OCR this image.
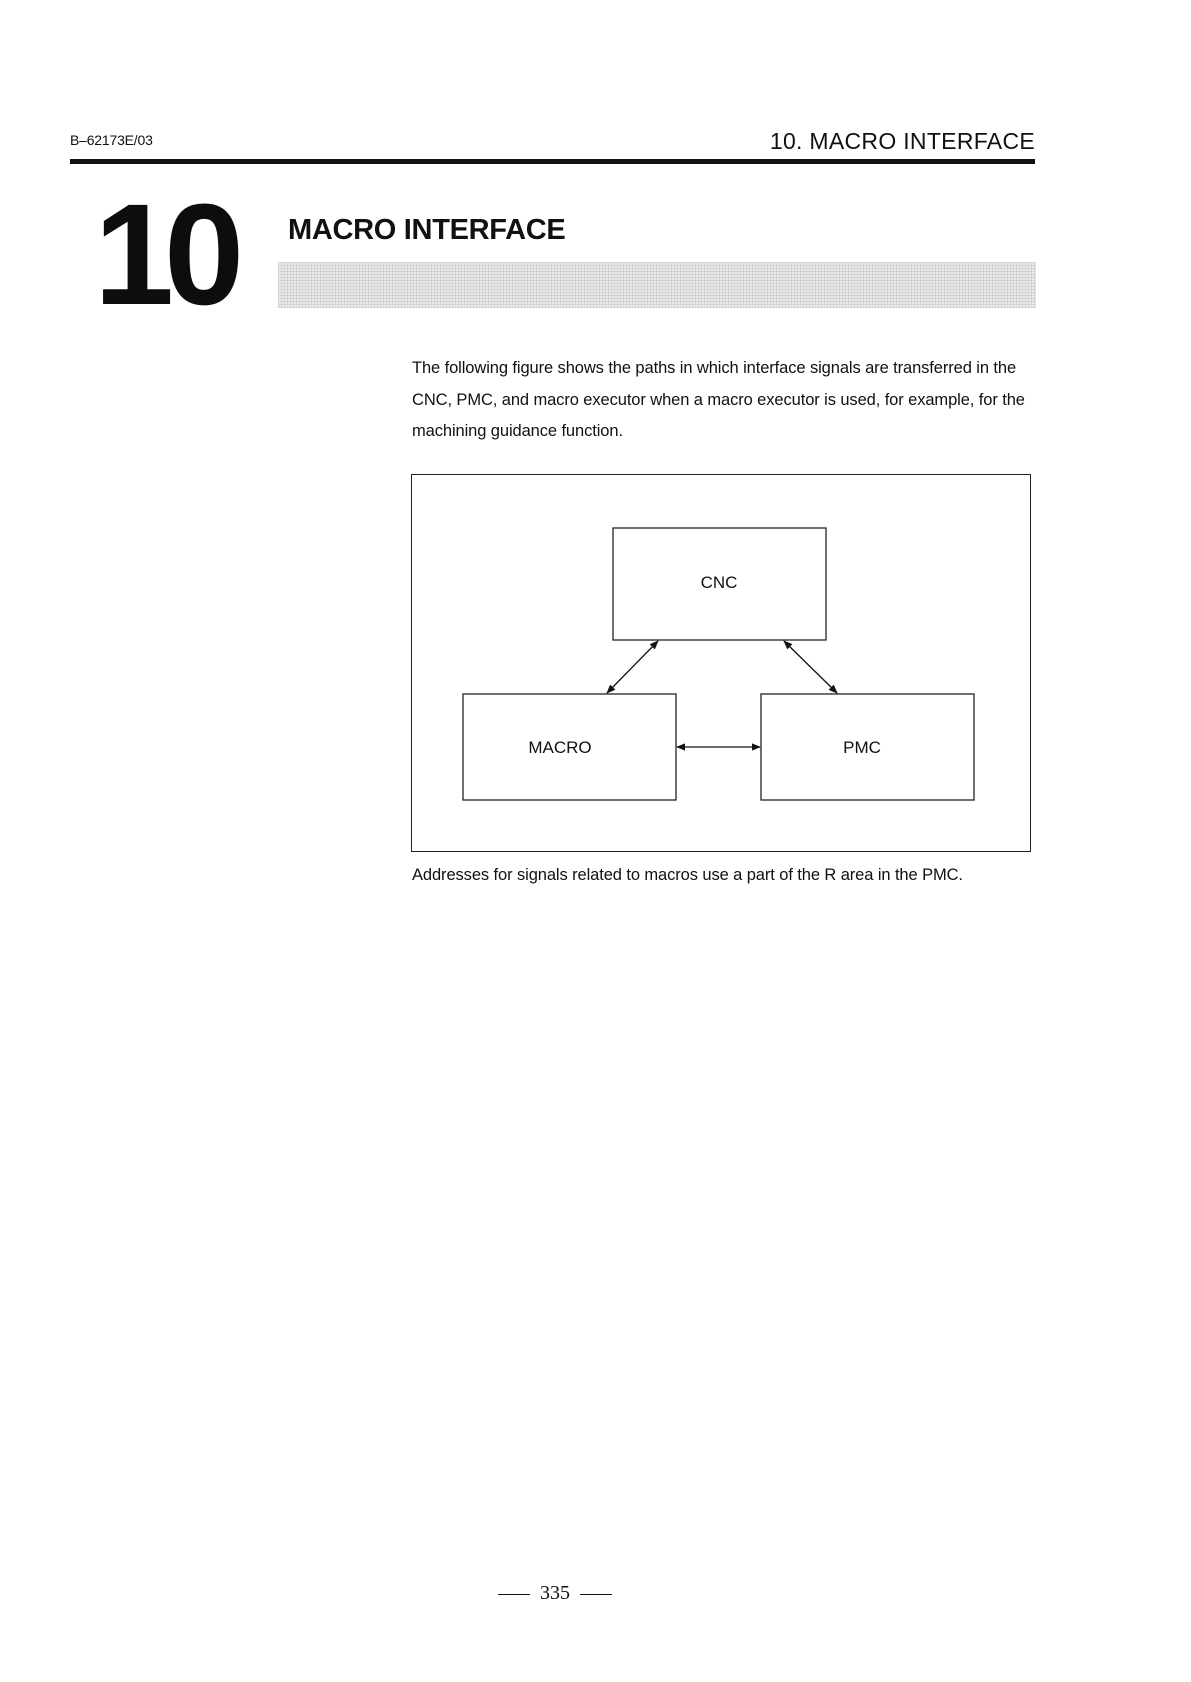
B–62173E/03	10. MACRO INTERFACE
10 MACRO INTERFACE

The following figure shows the paths in which interface signals are transferred in the CNC, PMC, and macro executor when a macro executor is used, for example, for the machining guidance function.

CNC
MACRO	PMC

Addresses for signals related to macros use a part of the R area in the PMC.

335
